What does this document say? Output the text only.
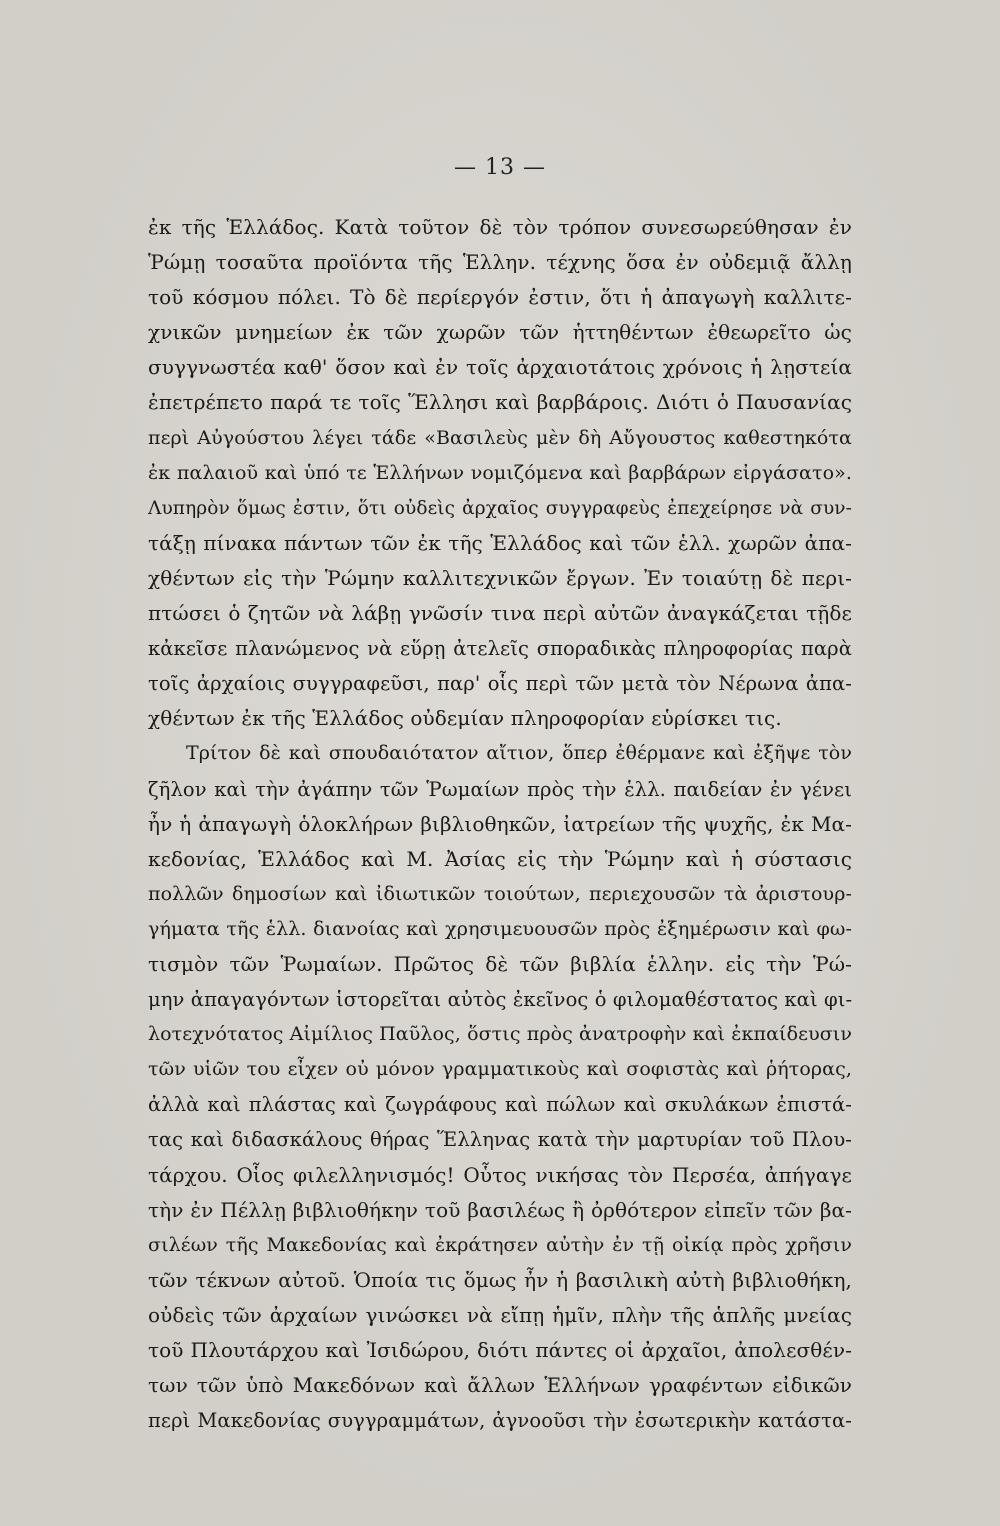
— 13 —
ἐκ τῆς Ἑλλάδος. Κατὰ τοῦτον δὲ τὸν τρόπον συνεσωρεύθησαν ἐν
Ῥώμῃ τοσαῦτα προϊόντα τῆς Ἑλλην. τέχνης ὅσα ἐν οὐδεμιᾷ ἄλλῃ
τοῦ κόσμου πόλει. Τὸ δὲ περίεργόν ἐστιν, ὅτι ἡ ἀπαγωγὴ καλλιτε-
χνικῶν μνημείων ἐκ τῶν χωρῶν τῶν ἡττηθέντων ἐθεωρεῖτο ὡς
συγγνωστέα καθ' ὅσον καὶ ἐν τοῖς ἀρχαιοτάτοις χρόνοις ἡ λῃστεία
ἐπετρέπετο παρά τε τοῖς Ἕλλησι καὶ βαρβάροις. Διότι ὁ Παυσανίας
περὶ Αὐγούστου λέγει τάδε «Βασιλεὺς μὲν δὴ Αὔγουστος καθεστηκότα
ἐκ παλαιοῦ καὶ ὑπό τε Ἑλλήνων νομιζόμενα καὶ βαρβάρων εἰργάσατο».
Λυπηρὸν ὅμως ἐστιν, ὅτι οὐδεὶς ἀρχαῖος συγγραφεὺς ἐπεχείρησε νὰ συν-
τάξῃ πίνακα πάντων τῶν ἐκ τῆς Ἑλλάδος καὶ τῶν ἑλλ. χωρῶν ἀπα-
χθέντων εἰς τὴν Ῥώμην καλλιτεχνικῶν ἔργων. Ἐν τοιαύτῃ δὲ περι-
πτώσει ὁ ζητῶν νὰ λάβῃ γνῶσίν τινα περὶ αὐτῶν ἀναγκάζεται τῇδε
κἀκεῖσε πλανώμενος νὰ εὕρῃ ἀτελεῖς σποραδικὰς πληροφορίας παρὰ
τοῖς ἀρχαίοις συγγραφεῦσι, παρ' οἷς περὶ τῶν μετὰ τὸν Νέρωνα ἀπα-
χθέντων ἐκ τῆς Ἑλλάδος οὐδεμίαν πληροφορίαν εὑρίσκει τις.
Τρίτον δὲ καὶ σπουδαιότατον αἴτιον, ὅπερ ἐθέρμανε καὶ ἐξῆψε τὸν
ζῆλον καὶ τὴν ἀγάπην τῶν Ῥωμαίων πρὸς τὴν ἑλλ. παιδείαν ἐν γένει
ἦν ἡ ἀπαγωγὴ ὁλοκλήρων βιβλιοθηκῶν, ἰατρείων τῆς ψυχῆς, ἐκ Μα-
κεδονίας, Ἑλλάδος καὶ Μ. Ἀσίας εἰς τὴν Ῥώμην καὶ ἡ σύστασις
πολλῶν δημοσίων καὶ ἰδιωτικῶν τοιούτων, περιεχουσῶν τὰ ἀριστουρ-
γήματα τῆς ἑλλ. διανοίας καὶ χρησιμευουσῶν πρὸς ἐξημέρωσιν καὶ φω-
τισμὸν τῶν Ῥωμαίων. Πρῶτος δὲ τῶν βιβλία ἑλλην. εἰς τὴν Ῥώ-
μην ἀπαγαγόντων ἱστορεῖται αὐτὸς ἐκεῖνος ὁ φιλομαθέστατος καὶ φι-
λοτεχνότατος Αἰμίλιος Παῦλος, ὅστις πρὸς ἀνατροφὴν καὶ ἐκπαίδευσιν
τῶν υἱῶν του εἶχεν οὐ μόνον γραμματικοὺς καὶ σοφιστὰς καὶ ῥήτορας,
ἀλλὰ καὶ πλάστας καὶ ζωγράφους καὶ πώλων καὶ σκυλάκων ἐπιστά-
τας καὶ διδασκάλους θήρας Ἕλληνας κατὰ τὴν μαρτυρίαν τοῦ Πλου-
τάρχου. Οἷος φιλελληνισμός! Οὗτος νικήσας τὸν Περσέα, ἀπήγαγε
τὴν ἐν Πέλλῃ βιβλιοθήκην τοῦ βασιλέως ἢ ὀρθότερον εἰπεῖν τῶν βα-
σιλέων τῆς Μακεδονίας καὶ ἐκράτησεν αὐτὴν ἐν τῇ οἰκίᾳ πρὸς χρῆσιν
τῶν τέκνων αὐτοῦ. Ὁποία τις ὅμως ἦν ἡ βασιλικὴ αὐτὴ βιβλιοθήκη,
οὐδεὶς τῶν ἀρχαίων γινώσκει νὰ εἴπῃ ἡμῖν, πλὴν τῆς ἁπλῆς μνείας
τοῦ Πλουτάρχου καὶ Ἰσιδώρου, διότι πάντες οἱ ἀρχαῖοι, ἀπολεσθέν-
των τῶν ὑπὸ Μακεδόνων καὶ ἄλλων Ἑλλήνων γραφέντων εἰδικῶν
περὶ Μακεδονίας συγγραμμάτων, ἀγνοοῦσι τὴν ἐσωτερικὴν κατάστα-
